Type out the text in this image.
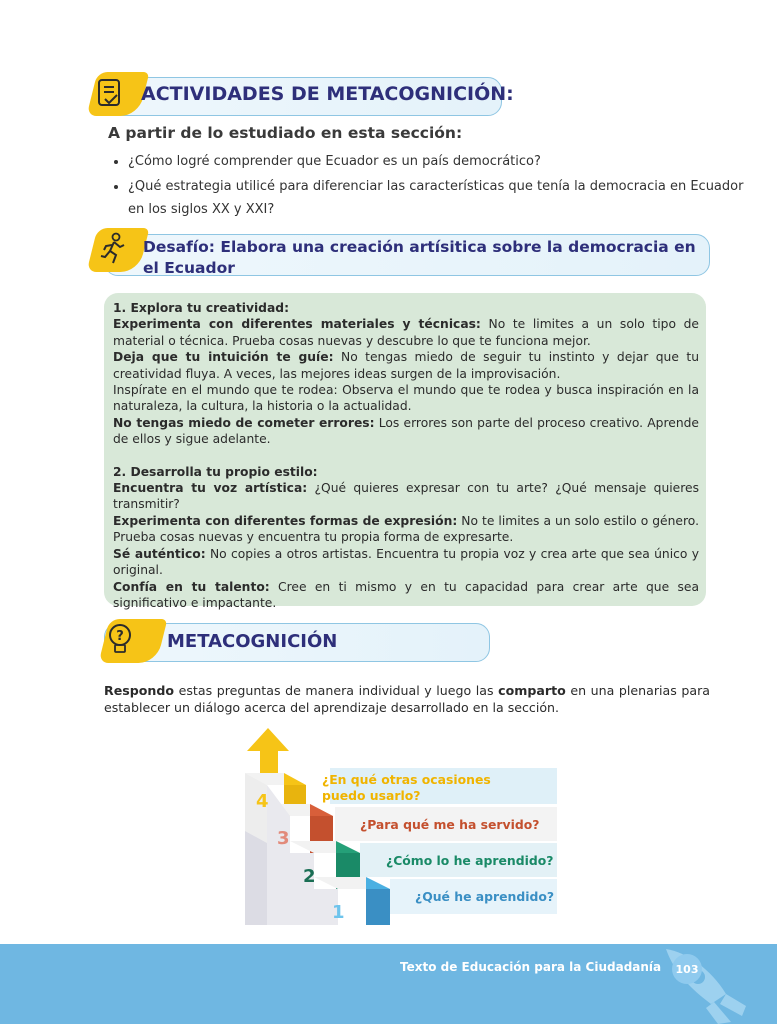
ACTIVIDADES DE METACOGNICIÓN:
A partir de lo estudiado en esta sección:
• ¿Cómo logré comprender que Ecuador es un país democrático?
• ¿Qué estrategia utilicé para diferenciar las características que tenía la democracia en Ecuador en los siglos XX y XXI?
Desafío: Elabora una creación artísitica sobre la democracia en el Ecuador

1. Explora tu creatividad:

Experimenta con diferentes materiales y técnicas: No te limites a un solo tipo de material o técnica. Prueba cosas nuevas y descubre lo que te funciona mejor.

Deja que tu intuición te guíe: No tengas miedo de seguir tu instinto y dejar que tu creatividad fluya. A veces, las mejores ideas surgen de la improvisación.

Inspírate en el mundo que te rodea: Observa el mundo que te rodea y busca inspiración en la naturaleza, la cultura, la historia o la actualidad.

No tengas miedo de cometer errores: Los errores son parte del proceso creativo. Aprende de ellos y sigue adelante.

2. Desarrolla tu propio estilo:

Encuentra tu voz artística: ¿Qué quieres expresar con tu arte? ¿Qué mensaje quieres transmitir?

Experimenta con diferentes formas de expresión: No te limites a un solo estilo o género. Prueba cosas nuevas y encuentra tu propia forma de expresarte.

Sé auténtico: No copies a otros artistas. Encuentra tu propia voz y crea arte que sea único y original.

Confía en tu talento: Cree en ti mismo y en tu capacidad para crear arte que sea significativo e impactante.

? METACOGNICIÓN
Respondo estas preguntas de manera individual y luego las comparto en una plenarias para establecer un diálogo acerca del aprendizaje desarrollado en la sección.
4
3
2
1
¿En qué otras ocasiones puedo usarlo?
¿Para qué me ha servido?
¿Cómo lo he aprendido?
¿Qué he aprendido?
Texto de Educación para la Ciudadanía	103
